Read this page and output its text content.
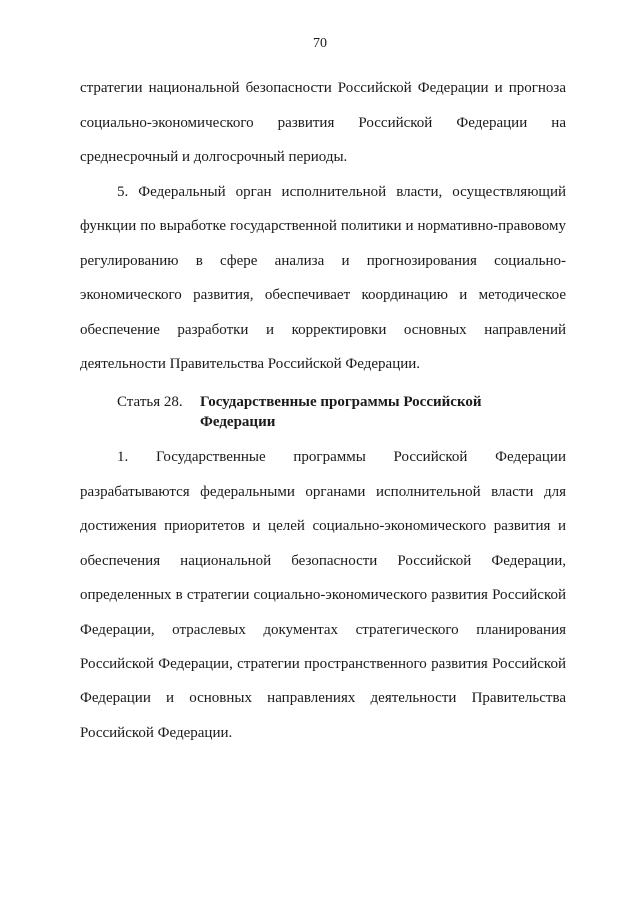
70
стратегии национальной безопасности Российской Федерации и прогноза
социально-экономического развития Российской Федерации на
среднесрочный и долгосрочный периоды.
5. Федеральный орган исполнительной власти, осуществляющий
функции по выработке государственной политики и нормативно-правовому
регулированию в сфере анализа и прогнозирования социально-
экономического развития, обеспечивает координацию и методическое
обеспечение разработки и корректировки основных направлений
деятельности Правительства Российской Федерации.
Статья 28.	Государственные программы Российской
Федерации
1. Государственные программы Российской Федерации
разрабатываются федеральными органами исполнительной власти для
достижения приоритетов и целей социально-экономического развития и
обеспечения национальной безопасности Российской Федерации,
определенных в стратегии социально-экономического развития Российской
Федерации, отраслевых документах стратегического планирования
Российской Федерации, стратегии пространственного развития Российской
Федерации и основных направлениях деятельности Правительства
Российской Федерации.
